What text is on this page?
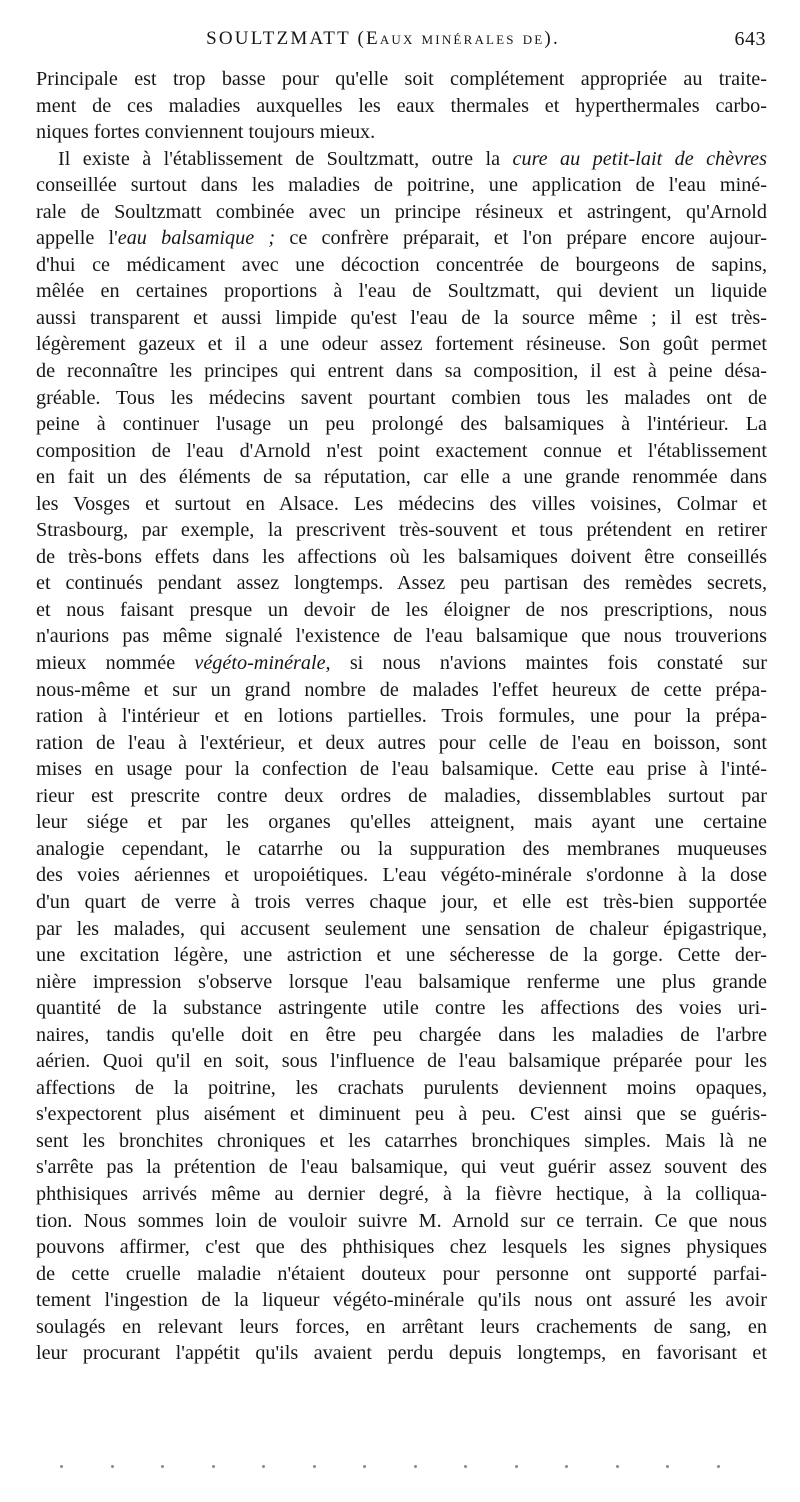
SOULTZMATT (Eaux minérales de).	643
Principale est trop basse pour qu'elle soit complétement appropriée au traite-
ment de ces maladies auxquelles les eaux thermales et hyperthermales carbo-
niques fortes conviennent toujours mieux.
Il existe à l'établissement de Soultzmatt, outre la cure au petit-lait de chèvres
conseillée surtout dans les maladies de poitrine, une application de l'eau miné-
rale de Soultzmatt combinée avec un principe résineux et astringent, qu'Arnold
appelle l'eau balsamique ; ce confrère préparait, et l'on prépare encore aujour-
d'hui ce médicament avec une décoction concentrée de bourgeons de sapins,
mêlée en certaines proportions à l'eau de Soultzmatt, qui devient un liquide
aussi transparent et aussi limpide qu'est l'eau de la source même ; il est très-
légèrement gazeux et il a une odeur assez fortement résineuse. Son goût permet
de reconnaître les principes qui entrent dans sa composition, il est à peine désa-
gréable. Tous les médecins savent pourtant combien tous les malades ont de
peine à continuer l'usage un peu prolongé des balsamiques à l'intérieur. La
composition de l'eau d'Arnold n'est point exactement connue et l'établissement
en fait un des éléments de sa réputation, car elle a une grande renommée dans
les Vosges et surtout en Alsace. Les médecins des villes voisines, Colmar et
Strasbourg, par exemple, la prescrivent très-souvent et tous prétendent en retirer
de très-bons effets dans les affections où les balsamiques doivent être conseillés
et continués pendant assez longtemps. Assez peu partisan des remèdes secrets,
et nous faisant presque un devoir de les éloigner de nos prescriptions, nous
n'aurions pas même signalé l'existence de l'eau balsamique que nous trouverions
mieux nommée végéto-minérale, si nous n'avions maintes fois constaté sur
nous-même et sur un grand nombre de malades l'effet heureux de cette prépa-
ration à l'intérieur et en lotions partielles. Trois formules, une pour la prépa-
ration de l'eau à l'extérieur, et deux autres pour celle de l'eau en boisson, sont
mises en usage pour la confection de l'eau balsamique. Cette eau prise à l'inté-
rieur est prescrite contre deux ordres de maladies, dissemblables surtout par
leur siége et par les organes qu'elles atteignent, mais ayant une certaine
analogie cependant, le catarrhe ou la suppuration des membranes muqueuses
des voies aériennes et uropoiétiques. L'eau végéto-minérale s'ordonne à la dose
d'un quart de verre à trois verres chaque jour, et elle est très-bien supportée
par les malades, qui accusent seulement une sensation de chaleur épigastrique,
une excitation légère, une astriction et une sécheresse de la gorge. Cette der-
nière impression s'observe lorsque l'eau balsamique renferme une plus grande
quantité de la substance astringente utile contre les affections des voies uri-
naires, tandis qu'elle doit en être peu chargée dans les maladies de l'arbre
aérien. Quoi qu'il en soit, sous l'influence de l'eau balsamique préparée pour les
affections de la poitrine, les crachats purulents deviennent moins opaques,
s'expectorent plus aisément et diminuent peu à peu. C'est ainsi que se guéris-
sent les bronchites chroniques et les catarrhes bronchiques simples. Mais là ne
s'arrête pas la prétention de l'eau balsamique, qui veut guérir assez souvent des
phthisiques arrivés même au dernier degré, à la fièvre hectique, à la colliqua-
tion. Nous sommes loin de vouloir suivre M. Arnold sur ce terrain. Ce que nous
pouvons affirmer, c'est que des phthisiques chez lesquels les signes physiques
de cette cruelle maladie n'étaient douteux pour personne ont supporté parfai-
tement l'ingestion de la liqueur végéto-minérale qu'ils nous ont assuré les avoir
soulagés en relevant leurs forces, en arrêtant leurs crachements de sang, en
leur procurant l'appétit qu'ils avaient perdu depuis longtemps, en favorisant et
